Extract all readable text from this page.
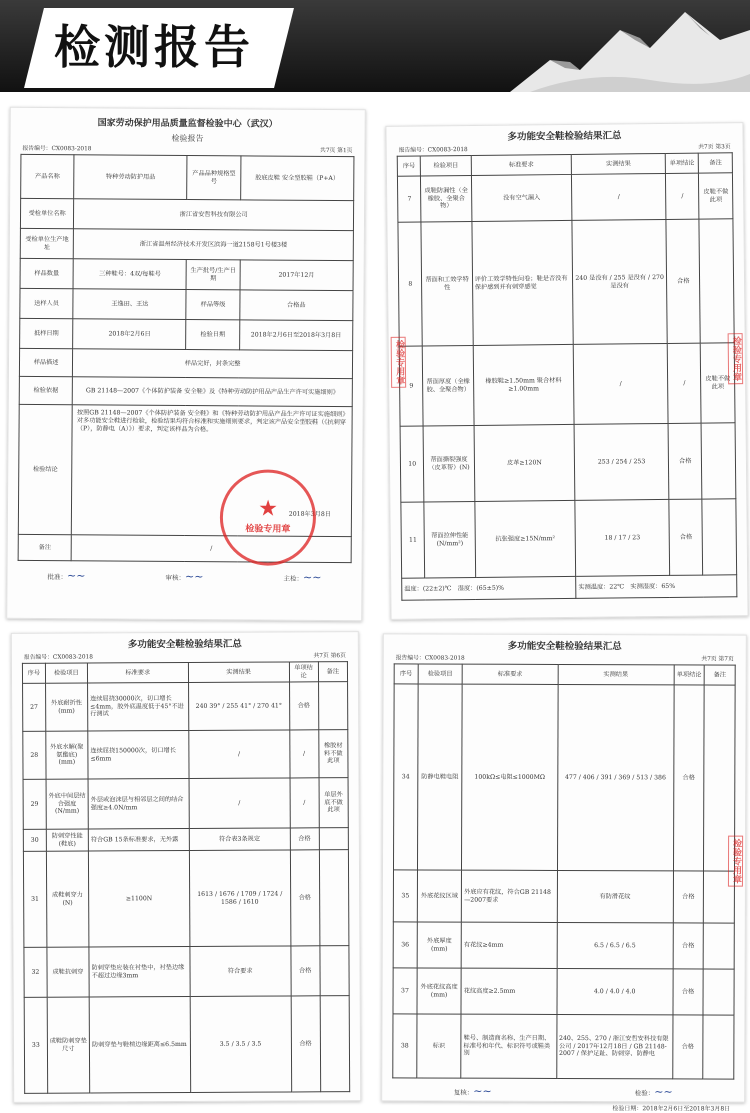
检测报告
国家劳动保护用品质量监督检验中心（武汉）
检验报告
报告编号：CX0083-2018	共7页 第1页
产品名称	特种劳动防护用品	产品品种规格型号	胶底皮鞋 安全型胶鞋（P+A）
受检单位名称	浙江省安哲科技有限公司		
受检单位生产地址	浙江省温州经济技术开发区滨海一道2158号1号楼3楼		
样品数量	三种鞋号：4双/每鞋号	生产批号/生产日期	2017年12月
送样人员	王逸田、王达	样品等级	合格品
抵样日期	2018年2月6日	检验日期	2018年2月6日至2018年3月8日
样品描述	样品完好，封条完整		
检验依据	GB 21148—2007《个体防护装备 安全鞋》及《特种劳动防护用品产品生产许可实施细则》		
检验结论	按照GB 21148—2007《个体防护装备 安全鞋》和《特种劳动防护用品产品生产许可证实施细则》对多功能安全鞋进行检验，检验结果均符合标准和实施细则要求，判定该产品安全型胶鞋（《抗刺穿（P），防静电（A）》）要求，判定该样品为合格。
2018年3月8日		

备注	/		
批准：~~	审核：~~	主检：~~
★
检验专用章
多功能安全鞋检验结果汇总
报告编号：CX0083-2018	共7页 第3页
序号	检验项目	标准要求	实测结果	单项结论	备注
7	成鞋防漏性（全橡胶、全聚合物）	没有空气漏入	/	/	皮鞋不做此项
8	帮面和工效学特性	评价工效学特性问卷；鞋是否没有保护感到并有刺穿感觉	240 是没有 / 255 是没有 / 270 是没有	合格	
9	帮面厚度（全橡胶、全聚合物）	橡胶鞋≥1.50mm 聚合材料≥1.00mm	/	/	皮鞋不做此项
10	帮面撕裂强度（皮革帮）(N)	皮革≥120N	253 / 254 / 253	合格	
11	帮面拉伸性能(N/mm²)	抗张强度≥15N/mm²	18 / 17 / 23	合格	
温度：(22±2)℃　 湿度：(65±5)%			实测温度：22℃　 实测湿度：65%		
检验专用章	检验专用章
多功能安全鞋检验结果汇总
报告编号：CX0083-2018	共7页 第6页
序号	检验项目	标准要求	实测结果	单项结论	备注
27	外底耐折性(mm)	连续屈挠30000次，切口增长≤4mm，胶外底温度低于45°不进行测试	240 39° / 255 41° / 270 41°	合格	
28	外底水解(聚氨酯底)(mm)	连续屈挠150000次，切口增长≤6mm	/	/	橡胶材料不做此项
29	外底中间层结合强度(N/mm)	外层或泡沫层与相邻层之间的结合强度≥4.0N/mm	/	/	单层外底不做此项
30	防刺穿性能(鞋底)	符合GB 15条标准要求，无外露	符合表3条规定	合格	
31	成鞋刺穿力(N)	≥1100N	1613 / 1676 / 1709 / 1724 / 1586 / 1610	合格	
32	成鞋抗刺穿	防刺穿垫应装在衬垫中，衬垫边缘不超过边缘3mm	符合要求	合格	
33	成鞋防刺穿垫尺寸	防刺穿垫与鞋楦边缘距离≤6.5mm	3.5 / 3.5 / 3.5	合格	
多功能安全鞋检验结果汇总
报告编号：CX0083-2018	共7页 第7页
序号	检验项目	标准要求	实测结果	单项结论	备注
34	防静电鞋电阻	100kΩ≤电阻≤1000MΩ	477 / 406 / 391 / 369 / 513 / 386	合格	
35	外底花纹区域	外底应有花纹，符合GB 21148—2007要求	有防滑花纹	合格	
36	外底厚度(mm)	有花纹≥4mm	6.5 / 6.5 / 6.5	合格	
37	外底花纹高度(mm)	花纹高度≥2.5mm	4.0 / 4.0 / 4.0	合格	
38	标识	鞋号、制造商名称、生产日期、标准号和年代、标识符号或鞋类别	240、255、270 / 浙江安哲安科技有限公司 / 2017年12月18日 / GB 21148-2007 / 保护足趾、防刺穿、防静电	合格	
复核：~~	检验：~~
检验日期：2018年2月6日至2018年3月8日
检验专用章
